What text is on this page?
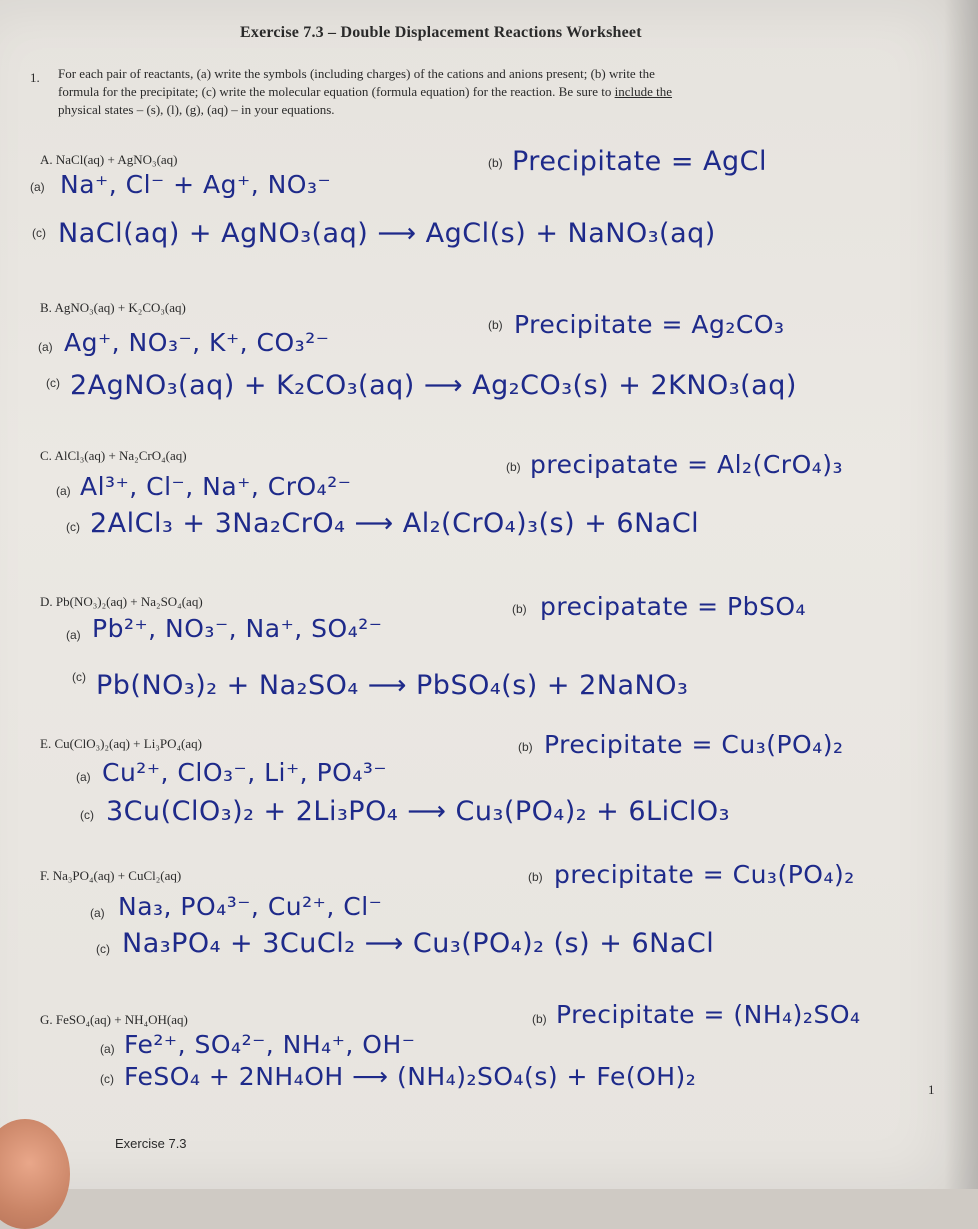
Exercise 7.3 – Double Displacement Reactions Worksheet
1. For each pair of reactants, (a) write the symbols (including charges) of the cations and anions present; (b) write the
formula for the precipitate; (c) write the molecular equation (formula equation) for the reaction. Be sure to include the
physical states – (s), (l), (g), (aq) – in your equations.
A. NaCl(aq) + AgNO₃(aq)
(a) Na⁺, Cl⁻ + Ag⁺, NO₃⁻
(b) Precipitate = AgCl
(c) NaCl(aq) + AgNO₃(aq) ⟶ AgCl(s) + NaNO₃(aq)
B. AgNO₃(aq) + K₂CO₃(aq)
(a) Ag⁺, NO₃⁻, K⁺, CO₃²⁻
(b) Precipitate = Ag₂CO₃
(c) 2AgNO₃(aq) + K₂CO₃(aq) ⟶ Ag₂CO₃(s) + 2KNO₃(aq)
C. AlCl₃(aq) + Na₂CrO₄(aq)
(a) Al³⁺, Cl⁻, Na⁺, CrO₄²⁻
(b) precipatate = Al₂(CrO₄)₃
(c) 2AlCl₃ + 3Na₂CrO₄ ⟶ Al₂(CrO₄)₃(s) + 6NaCl
D. Pb(NO₃)₂(aq) + Na₂SO₄(aq)
(a) Pb²⁺, NO₃⁻, Na⁺, SO₄²⁻
(b) precipatate = PbSO₄
(c) Pb(NO₃)₂ + Na₂SO₄ ⟶ PbSO₄(s) + 2NaNO₃
E. Cu(ClO₃)₂(aq) + Li₃PO₄(aq)
(a) Cu²⁺, ClO₃⁻, Li⁺, PO₄³⁻
(b) Precipitate = Cu₃(PO₄)₂
(c) 3Cu(ClO₃)₂ + 2Li₃PO₄ ⟶ Cu₃(PO₄)₂ + 6LiClO₃
F. Na₃PO₄(aq) + CuCl₂(aq)
(a) Na₃, PO₄³⁻, Cu²⁺, Cl⁻
(b) precipitate = Cu₃(PO₄)₂
(c) Na₃PO₄ + 3CuCl₂ ⟶ Cu₃(PO₄)₂ (s) + 6NaCl
G. FeSO₄(aq) + NH₄OH(aq)
(a) Fe²⁺, SO₄²⁻, NH₄⁺, OH⁻
(b) Precipitate = (NH₄)₂SO₄
(c) FeSO₄ + 2NH₄OH ⟶ (NH₄)₂SO₄(s) + Fe(OH)₂	1
Exercise 7.3
